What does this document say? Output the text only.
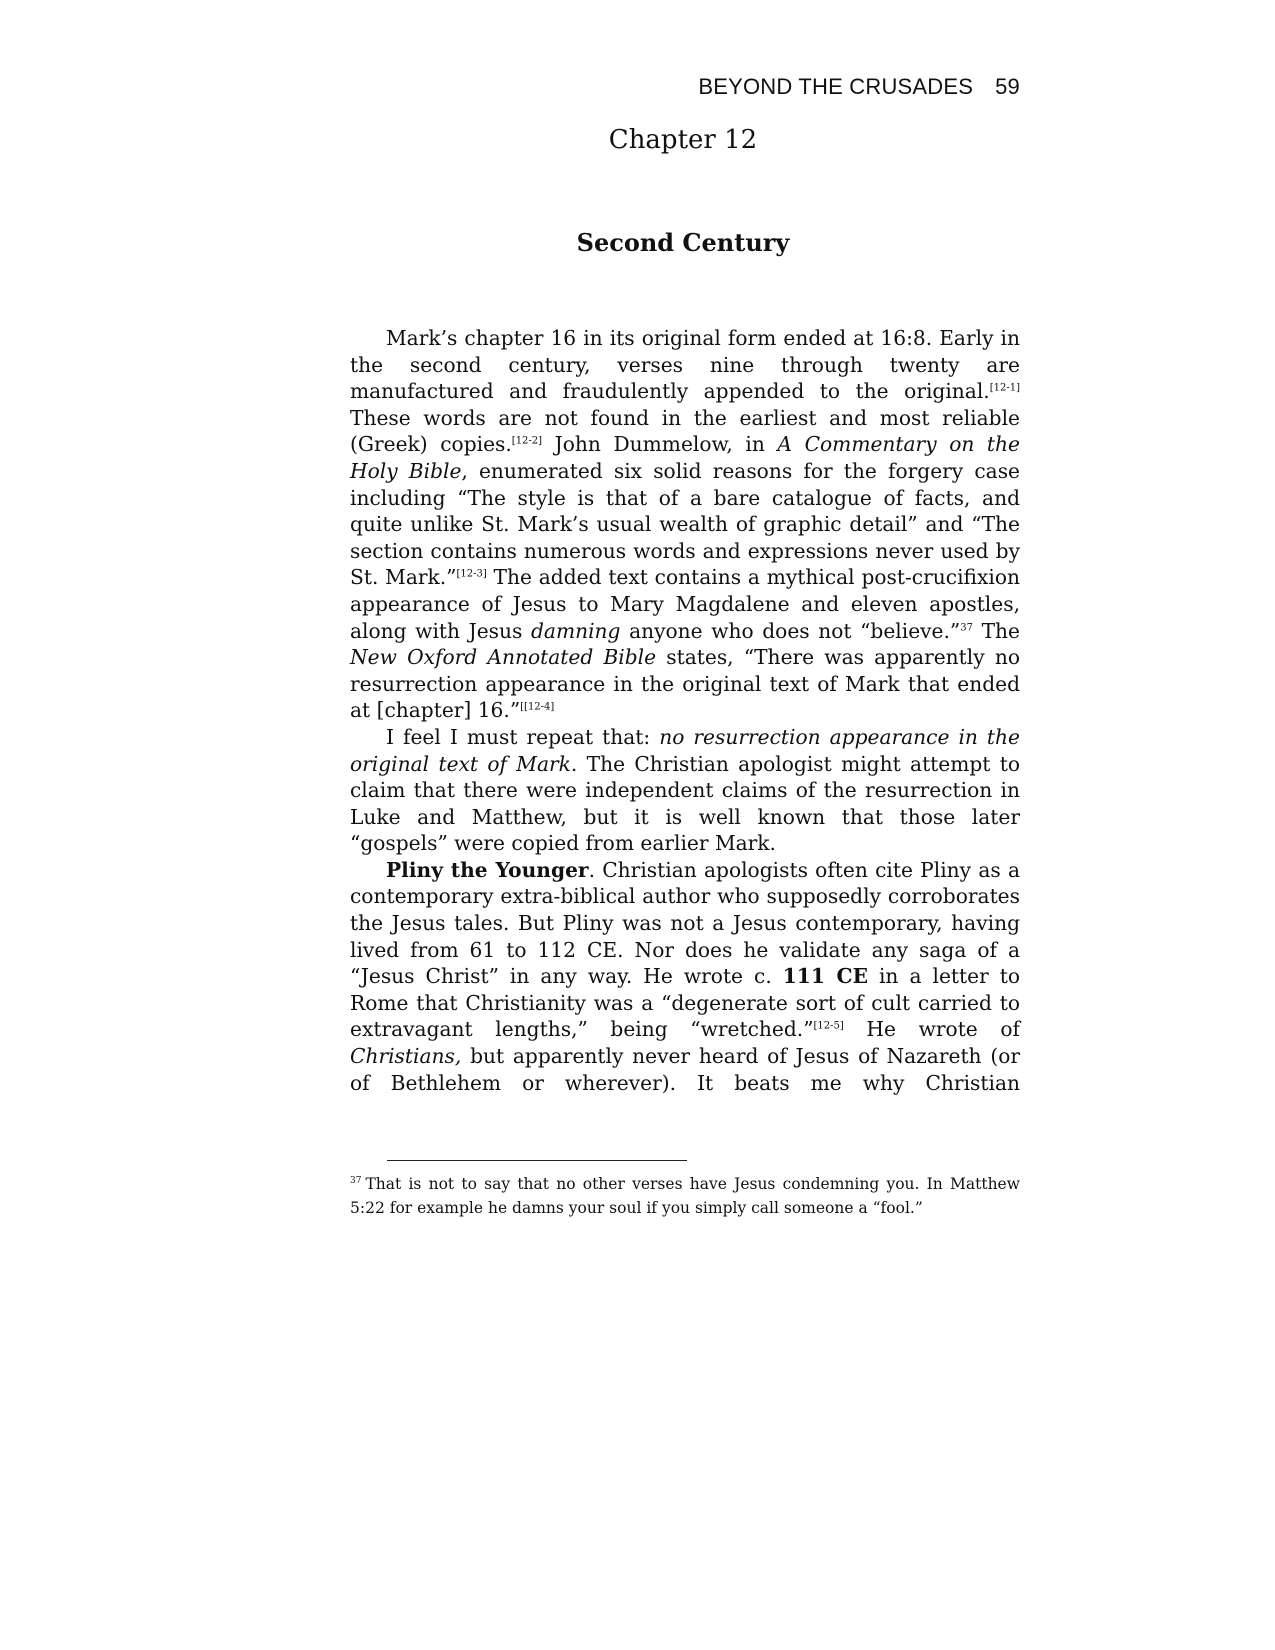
BEYOND THE CRUSADES 59
Chapter 12
Second Century

Mark’s chapter 16 in its original form ended at 16:8. Early in the second century, verses nine through twenty are manufactured and fraudulently appended to the original.[12-1] These words are not found in the earliest and most reliable (Greek) copies.[12-2] John Dummelow, in A Commentary on the Holy Bible, enumerated six solid reasons for the forgery case including “The style is that of a bare catalogue of facts, and quite unlike St. Mark’s usual wealth of graphic detail” and “The section contains numerous words and expressions never used by St. Mark.”[12-3] The added text contains a mythical post-crucifixion appearance of Jesus to Mary Magdalene and eleven apostles, along with Jesus damning anyone who does not “believe.”$^{37}$ The New Oxford Annotated Bible states, “There was apparently no resurrection appearance in the original text of Mark that ended at [chapter] 16.”[[12-4]

I feel I must repeat that: no resurrection appearance in the original text of Mark. The Christian apologist might attempt to claim that there were independent claims of the resurrection in Luke and Matthew, but it is well known that those later “gospels” were copied from earlier Mark.

Pliny the Younger. Christian apologists often cite Pliny as a contemporary extra-biblical author who supposedly corroborates the Jesus tales. But Pliny was not a Jesus contemporary, having lived from 61 to 112 CE. Nor does he validate any saga of a “Jesus Christ” in any way. He wrote c. 111 CE in a letter to Rome that Christianity was a “degenerate sort of cult carried to extravagant lengths,” being “wretched.”[12-5] He wrote of Christians, but apparently never heard of Jesus of Nazareth (or of Bethlehem or wherever). It beats me why Christian

$^{37}$ That is not to say that no other verses have Jesus condemning you. In Matthew 5:22 for example he damns your soul if you simply call someone a “fool.”
